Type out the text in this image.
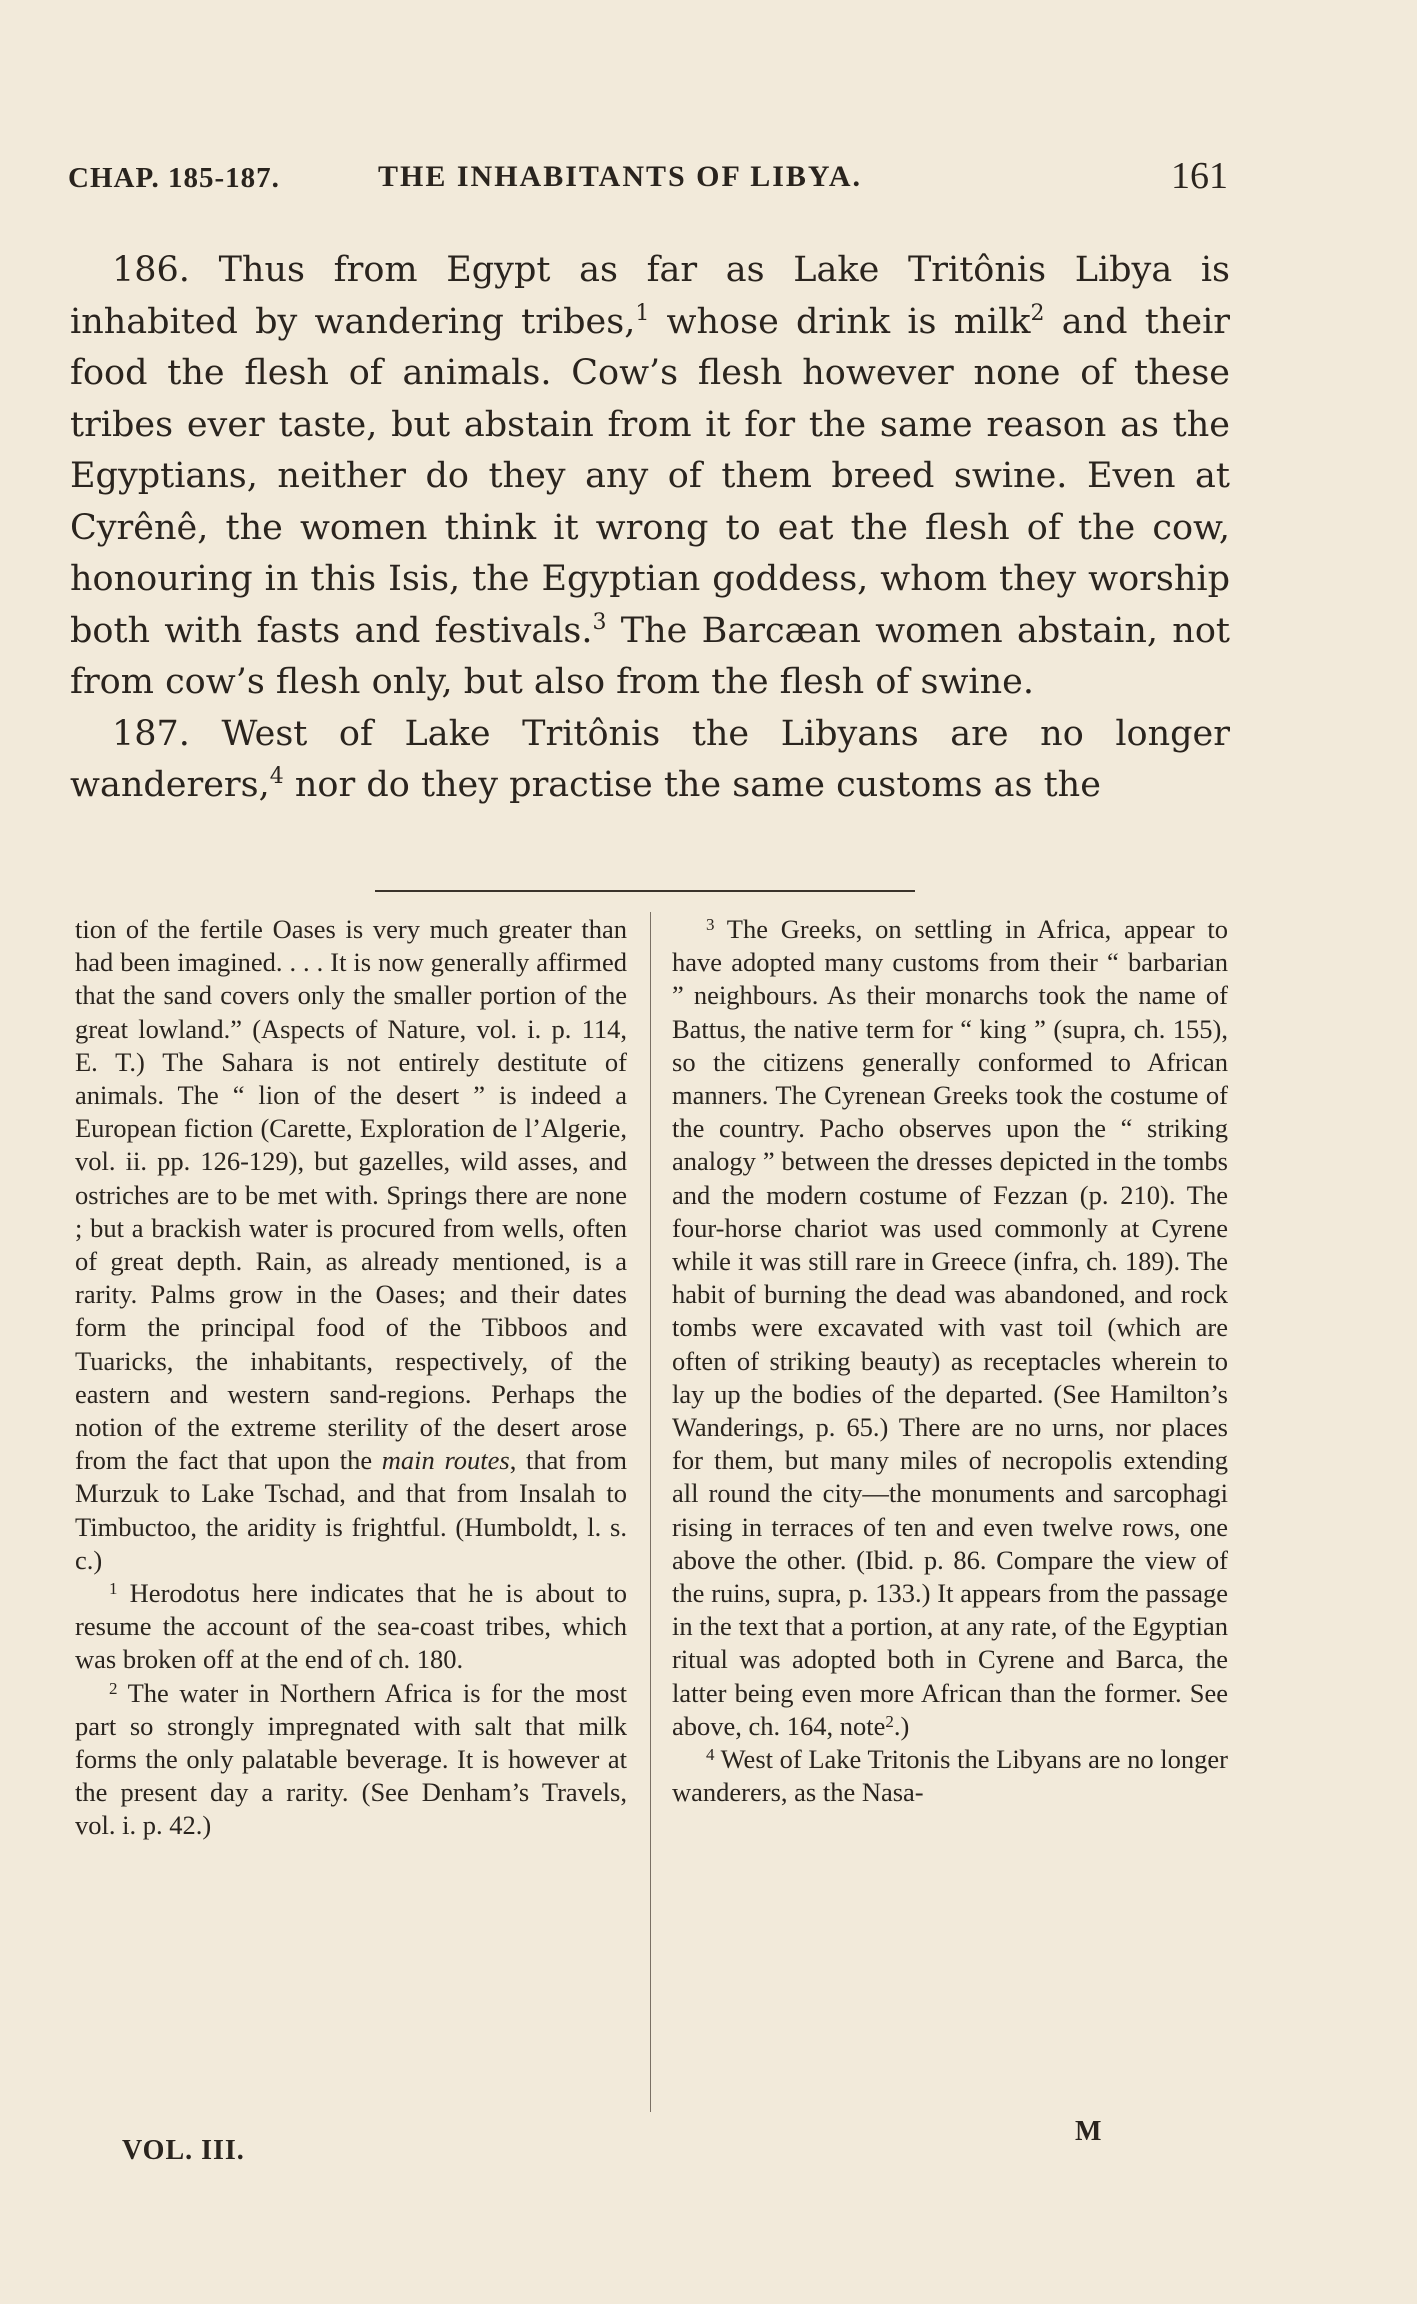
CHAP. 185-187.	THE INHABITANTS OF LIBYA.	161

186. Thus from Egypt as far as Lake Tritônis Libya is inhabited by wandering tribes,$^1$ whose drink is milk$^2$ and their food the flesh of animals. Cow’s flesh however none of these tribes ever taste, but abstain from it for the same reason as the Egyptians, neither do they any of them breed swine. Even at Cyrênê, the women think it wrong to eat the flesh of the cow, honouring in this Isis, the Egyptian goddess, whom they worship both with fasts and festivals.$^3$ The Barcæan women abstain, not from cow’s flesh only, but also from the flesh of swine.

187. West of Lake Tritônis the Libyans are no longer wanderers,$^4$ nor do they practise the same customs as the

tion of the fertile Oases is very much greater than had been imagined. . . . It is now generally affirmed that the sand covers only the smaller portion of the great lowland.” (Aspects of Nature, vol. i. p. 114, E. T.) The Sahara is not entirely destitute of animals. The “ lion of the desert ” is indeed a European fiction (Carette, Exploration de l’Algerie, vol. ii. pp. 126-129), but gazelles, wild asses, and ostriches are to be met with. Springs there are none ; but a brackish water is procured from wells, often of great depth. Rain, as already mentioned, is a rarity. Palms grow in the Oases; and their dates form the principal food of the Tibboos and Tuaricks, the inhabitants, respectively, of the eastern and western sand-regions. Perhaps the notion of the extreme sterility of the desert arose from the fact that upon the main routes, that from Murzuk to Lake Tschad, and that from Insalah to Timbuctoo, the aridity is frightful. (Humboldt, l. s. c.)

$^1$ Herodotus here indicates that he is about to resume the account of the sea-coast tribes, which was broken off at the end of ch. 180.

$^2$ The water in Northern Africa is for the most part so strongly impregnated with salt that milk forms the only palatable beverage. It is however at the present day a rarity. (See Denham’s Travels, vol. i. p. 42.)

$^3$ The Greeks, on settling in Africa, appear to have adopted many customs from their “ barbarian ” neighbours. As their monarchs took the name of Battus, the native term for “ king ” (supra, ch. 155), so the citizens generally conformed to African manners. The Cyrenean Greeks took the costume of the country. Pacho observes upon the “ striking analogy ” between the dresses depicted in the tombs and the modern costume of Fezzan (p. 210). The four-horse chariot was used commonly at Cyrene while it was still rare in Greece (infra, ch. 189). The habit of burning the dead was abandoned, and rock tombs were excavated with vast toil (which are often of striking beauty) as receptacles wherein to lay up the bodies of the departed. (See Hamilton’s Wanderings, p. 65.) There are no urns, nor places for them, but many miles of necropolis extending all round the city—the monuments and sarcophagi rising in terraces of ten and even twelve rows, one above the other. (Ibid. p. 86. Compare the view of the ruins, supra, p. 133.) It appears from the passage in the text that a portion, at any rate, of the Egyptian ritual was adopted both in Cyrene and Barca, the latter being even more African than the former. See above, ch. 164, note$^2$.)

$^4$ West of Lake Tritonis the Libyans are no longer wanderers, as the Nasa-

VOL. III.
M
